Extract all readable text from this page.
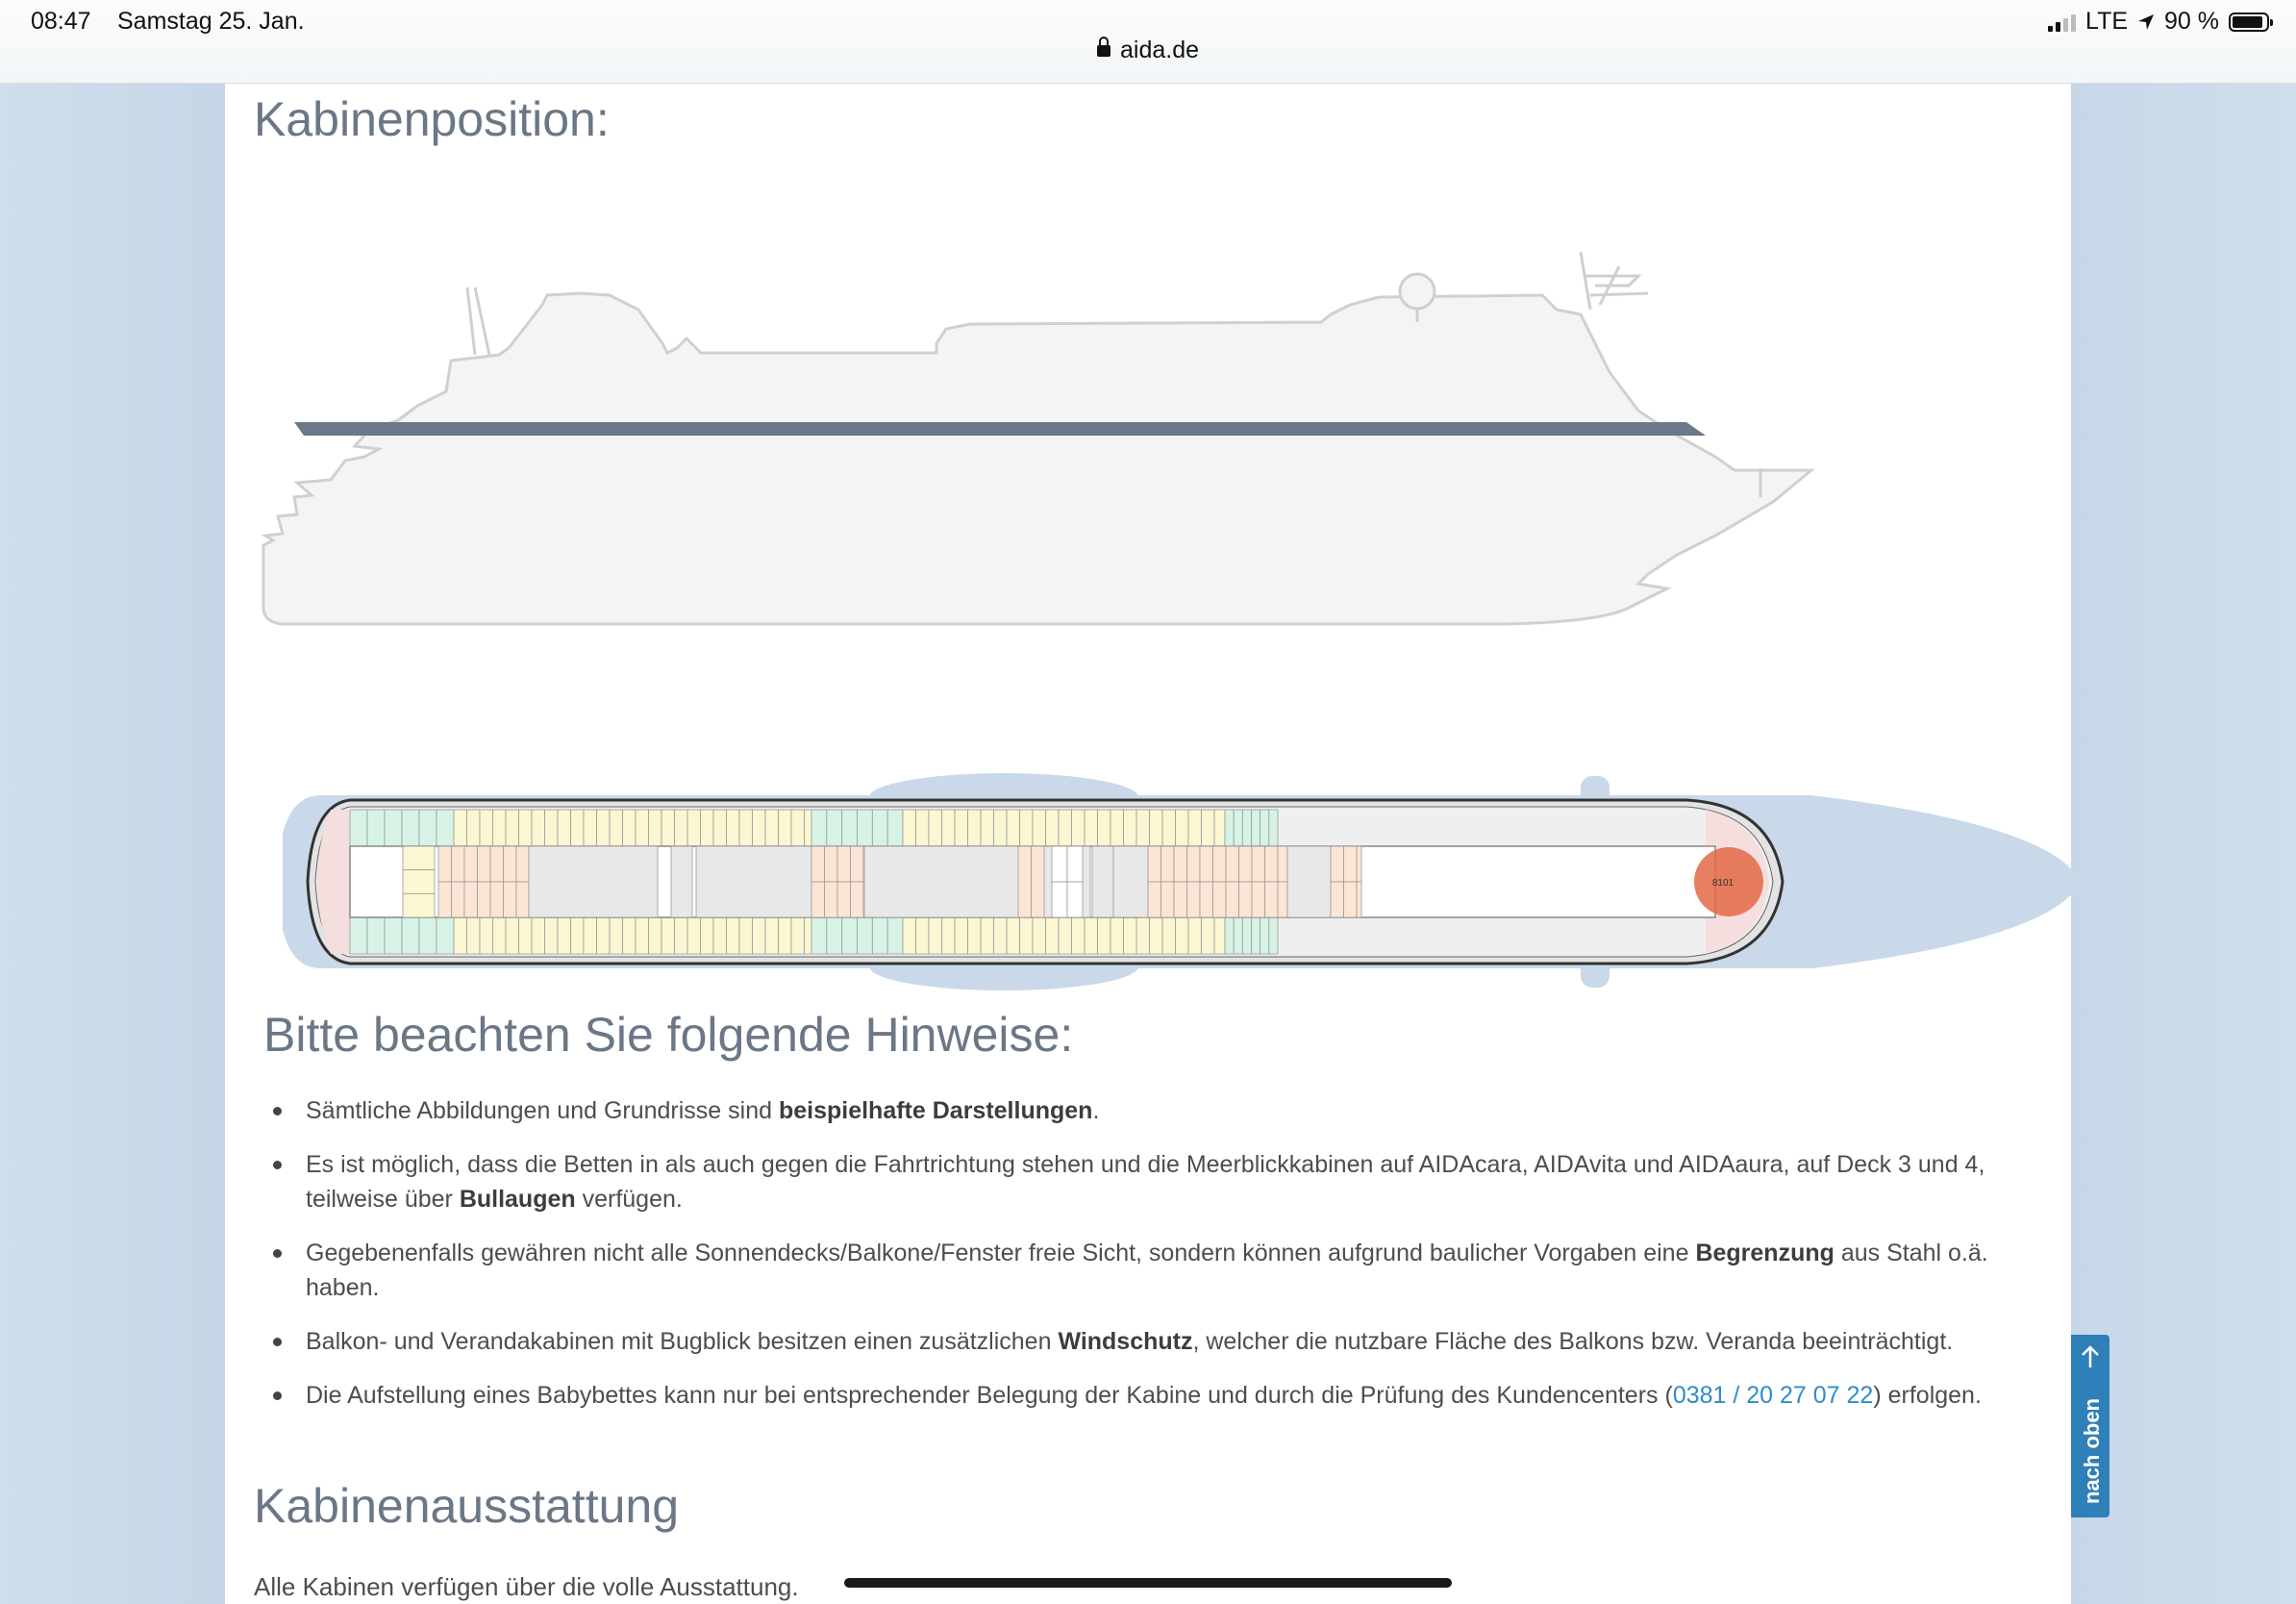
08:47 Samstag 25. Jan.
aida.de
LTE 90 %
Kabinenposition:
8101
Bitte beachten Sie folgende Hinweise:
Sämtliche Abbildungen und Grundrisse sind beispielhafte Darstellungen.
Es ist möglich, dass die Betten in als auch gegen die Fahrtrichtung stehen und die Meerblickkabinen auf AIDAcara, AIDAvita und AIDAaura, auf Deck 3 und 4, teilweise über Bullaugen verfügen.
Gegebenenfalls gewähren nicht alle Sonnendecks/Balkone/Fenster freie Sicht, sondern können aufgrund baulicher Vorgaben eine Begrenzung aus Stahl o.ä. haben.
Balkon- und Verandakabinen mit Bugblick besitzen einen zusätzlichen Windschutz, welcher die nutzbare Fläche des Balkons bzw. Veranda beeinträchtigt.
Die Aufstellung eines Babybettes kann nur bei entsprechender Belegung der Kabine und durch die Prüfung des Kundencenters (0381 / 20 27 07 22) erfolgen.
Kabinenausstattung

Alle Kabinen verfügen über die volle Ausstattung.

nach oben
